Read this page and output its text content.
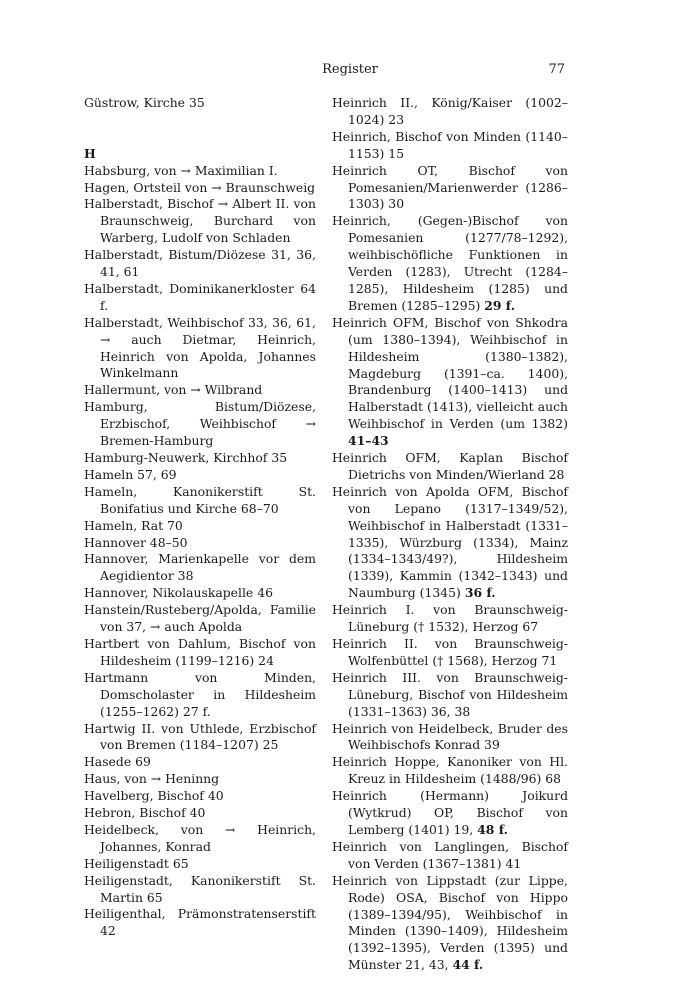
Register	77

Güstrow, Kirche 35

H

Habsburg, von → Maximilian I.

Hagen, Ortsteil von → Braunschweig

Halberstadt, Bischof → Albert II. von Braunschweig, Burchard von Warberg, Ludolf von Schladen

Halberstadt, Bistum/Diözese 31, 36, 41, 61

Halberstadt, Dominikanerkloster 64 f.

Halberstadt, Weihbischof 33, 36, 61, → auch Dietmar, Heinrich, Heinrich von Apolda, Johannes Winkelmann

Hallermunt, von → Wilbrand

Hamburg, Bistum/Diözese, Erzbischof, Weihbischof → Bremen-Hamburg

Hamburg-Neuwerk, Kirchhof 35

Hameln 57, 69

Hameln, Kanonikerstift St. Bonifatius und Kirche 68–70

Hameln, Rat 70

Hannover 48–50

Hannover, Marienkapelle vor dem Aegidientor 38

Hannover, Nikolauskapelle 46

Hanstein/Rusteberg/Apolda, Familie von 37, → auch Apolda

Hartbert von Dahlum, Bischof von Hildesheim (1199–1216) 24

Hartmann von Minden, Domscholaster in Hildesheim (1255–1262) 27 f.

Hartwig II. von Uthlede, Erzbischof von Bremen (1184–1207) 25

Hasede 69

Haus, von → Heninng

Havelberg, Bischof 40

Hebron, Bischof 40

Heidelbeck, von → Heinrich, Johannes, Konrad

Heiligenstadt 65

Heiligenstadt, Kanonikerstift St. Martin 65

Heiligenthal, Prämonstratenserstift 42

Heinrich II., König/Kaiser (1002–1024) 23

Heinrich, Bischof von Minden (1140–1153) 15

Heinrich OT, Bischof von Pomesanien/Marienwerder (1286–1303) 30

Heinrich, (Gegen-)Bischof von Pomesanien (1277/78–1292), weihbischöfliche Funktionen in Verden (1283), Utrecht (1284–1285), Hildesheim (1285) und Bremen (1285–1295) 29 f.

Heinrich OFM, Bischof von Shkodra (um 1380–1394), Weihbischof in Hildesheim (1380–1382), Magdeburg (1391–ca. 1400), Brandenburg (1400–1413) und Halberstadt (1413), vielleicht auch Weihbischof in Verden (um 1382) 41–43

Heinrich OFM, Kaplan Bischof Dietrichs von Minden/Wierland 28

Heinrich von Apolda OFM, Bischof von Lepano (1317–1349/52), Weihbischof in Halberstadt (1331–1335), Würzburg (1334), Mainz (1334–1343/49?), Hildesheim (1339), Kammin (1342–1343) und Naumburg (1345) 36 f.

Heinrich I. von Braunschweig-Lüneburg († 1532), Herzog 67

Heinrich II. von Braunschweig-Wolfenbüttel († 1568), Herzog 71

Heinrich III. von Braunschweig-Lüneburg, Bischof von Hildesheim (1331–1363) 36, 38

Heinrich von Heidelbeck, Bruder des Weihbischofs Konrad 39

Heinrich Hoppe, Kanoniker von Hl. Kreuz in Hildesheim (1488/96) 68

Heinrich (Hermann) Joikurd (Wytkrud) OP, Bischof von Lemberg (1401) 19, 48 f.

Heinrich von Langlingen, Bischof von Verden (1367–1381) 41

Heinrich von Lippstadt (zur Lippe, Rode) OSA, Bischof von Hippo (1389–1394/95), Weihbischof in Minden (1390–1409), Hildesheim (1392–1395), Verden (1395) und Münster 21, 43, 44 f.
